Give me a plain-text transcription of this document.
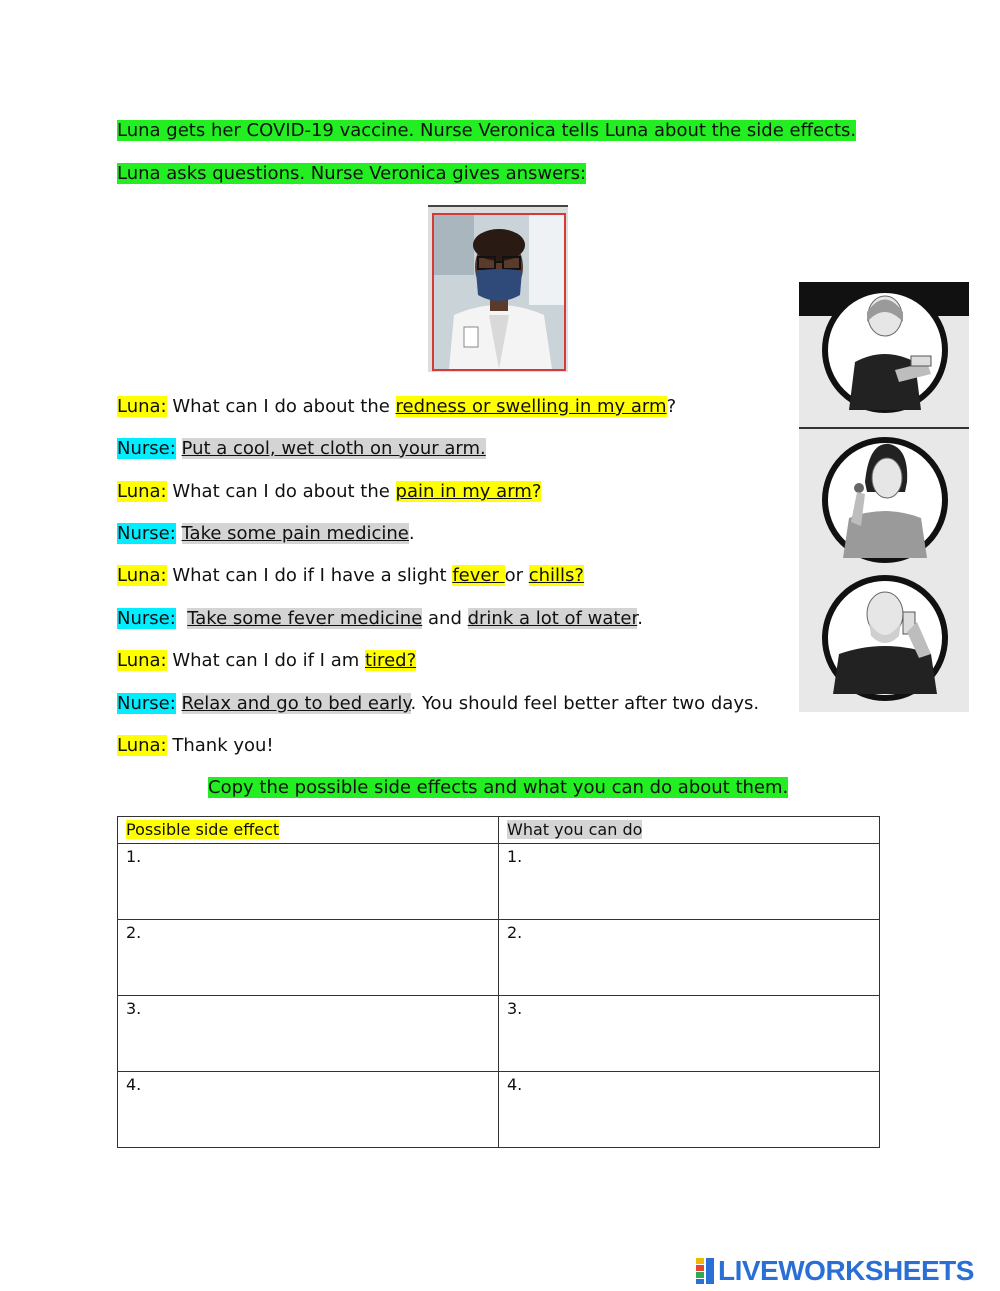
Luna gets her COVID-19 vaccine. Nurse Veronica tells Luna about the side effects.
Luna asks questions. Nurse Veronica gives answers:
Luna: What can I do about the redness or swelling in my arm?
Nurse: Put a cool, wet cloth on your arm.
Luna: What can I do about the pain in my arm?
Nurse: Take some pain medicine.
Luna: What can I do if I have a slight fever or chills?
Nurse: Take some fever medicine and drink a lot of water.
Luna: What can I do if I am tired?
Nurse: Relax and go to bed early. You should feel better after two days.
Luna: Thank you!
Copy the possible side effects and what you can do about them.
Possible side effect	What you can do
1.	1.
2.	2.
3.	3.
4.	4.
LIVEWORKSHEETS
